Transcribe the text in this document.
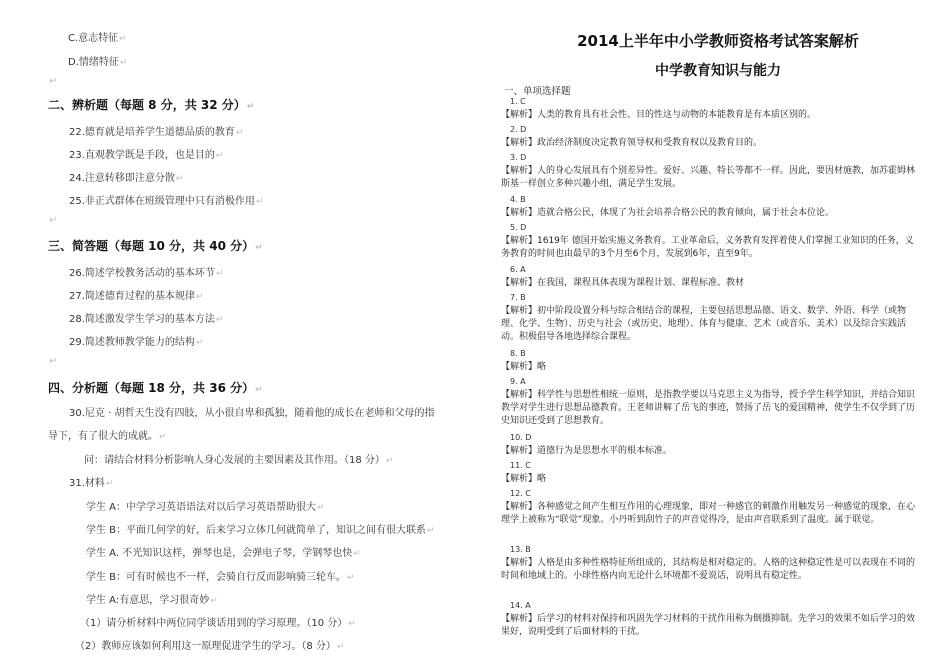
C.意志特征↵
D.情绪特征↵
↵
二、辨析题（每题 8 分，共 32 分）↵
22.德育就是培养学生道德品质的教育↵
23.直观教学既是手段，也是目的↵
24.注意转移即注意分散↵
25.非正式群体在班级管理中只有消极作用↵
↵
三、简答题（每题 10 分，共 40 分）↵
26.简述学校教务活动的基本环节↵
27.简述德育过程的基本规律↵
28.简述激发学生学习的基本方法↵
29.简述教师教学能力的结构↵
↵
四、分析题（每题 18 分，共 36 分）↵
30.尼克 · 胡哲天生没有四肢，从小很自卑和孤独，随着他的成长在老师和父母的指
导下，有了很大的成就。↵
问：请结合材料分析影响人身心发展的主要因素及其作用。（18 分）↵
31.材料↵
学生 A：中学学习英语语法对以后学习英语帮助很大↵
学生 B：平面几何学的好，后来学习立体几何就简单了，知识之间有很大联系↵
学生 A. 不光知识这样，弹琴也是，会弹电子琴，学钢琴也快↵
学生 B：可有时候也不一样，会骑自行反而影响骑三轮车。↵
学生 A:有意思，学习很奇妙↵
（1）请分析材料中两位同学谈话用到的学习原理。（10 分）↵
（2）教师应该如何利用这一原理促进学生的学习。（8 分）↵
2014上半年中小学教师资格考试答案解析
中学教育知识与能力
一、单项选择题
1. C
【解析】人类的教育具有社会性、目的性这与动物的本能教育是有本质区别的。
2. D
【解析】政治经济制度决定教育领导权和受教育权以及教育目的。
3. D
【解析】人的身心发展具有个别差异性。爱好、兴趣、特长等都不一样。因此，要因材施教，加苏霍姆林斯基一样创立多种兴趣小组，满足学生发展。
4. B
【解析】造就合格公民，体现了为社会培养合格公民的教育倾向，属于社会本位论。
5. D
【解析】1619年 德国开始实施义务教育。工业革命后，义务教育发挥着使人们掌握工业知识的任务，义务教育的时间也由最早的3个月至6个月，发展到6年，直至9年。
6. A
【解析】在我国，课程具体表现为课程计划、课程标准、教材
7. B
【解析】初中阶段设置分科与综合相结合的课程，主要包括思想品德、语文、数学、外语、科学（或物理、化学、生物）、历史与社会（或历史、地理）、体育与健康、艺术（或音乐、美术）以及综合实践活动。积极倡导各地选择综合课程。
8. B
【解析】略
9. A
【解析】科学性与思想性相统一原则，是指教学要以马克思主义为指导，授予学生科学知识，并结合知识教学对学生进行思想品德教育。王老师讲解了岳飞的事迹，赞扬了岳飞的爱国精神，使学生不仅学到了历史知识还受到了思想教育。
10. D
【解析】道德行为是思想水平的根本标准。
11. C
【解析】略
12. C
【解析】各种感觉之间产生相互作用的心理现象，即对一种感官的刺激作用触发另一种感觉的现象，在心理学上被称为“联觉”现象。小丹听到刮竹子的声音觉得冷，是由声音联系到了温度。属于联觉。
13. B
【解析】人格是由多种性格特征所组成的，其结构是相对稳定的。人格的这种稳定性是可以表现在不同的时间和地域上的。小球性格内向无论什么环境都不爱说话，说明具有稳定性。
14. A
【解析】后学习的材料对保持和巩固先学习材料的干扰作用称为倒摄抑制。先学习的效果不如后学习的效果好，说明受到了后面材料的干扰。
